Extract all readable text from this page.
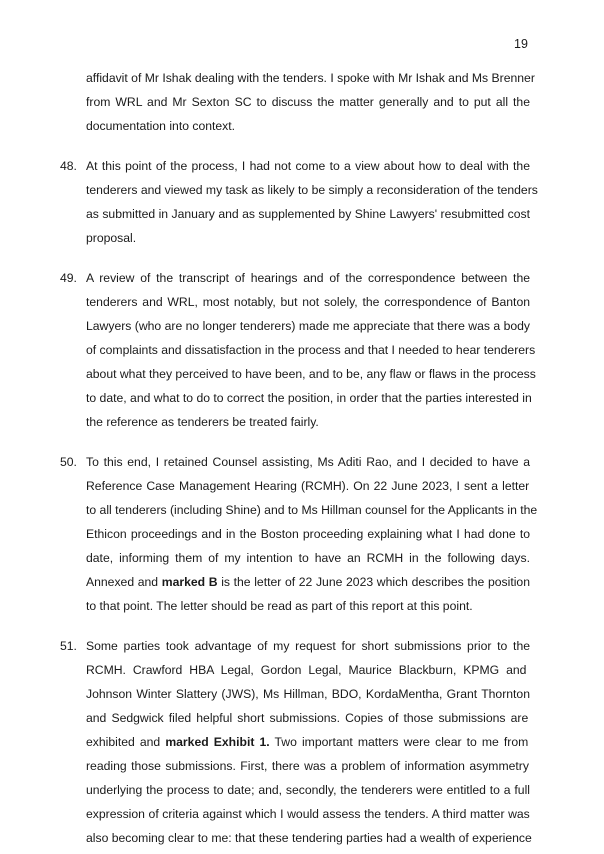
19
affidavit of Mr Ishak dealing with the tenders. I spoke with Mr Ishak and Ms Brenner
from WRL and Mr Sexton SC to discuss the matter generally and to put all the
documentation into context.
48. At this point of the process, I had not come to a view about how to deal with the
tenderers and viewed my task as likely to be simply a reconsideration of the tenders
as submitted in January and as supplemented by Shine Lawyers' resubmitted cost
proposal.
49. A review of the transcript of hearings and of the correspondence between the
tenderers and WRL, most notably, but not solely, the correspondence of Banton
Lawyers (who are no longer tenderers) made me appreciate that there was a body
of complaints and dissatisfaction in the process and that I needed to hear tenderers
about what they perceived to have been, and to be, any flaw or flaws in the process
to date, and what to do to correct the position, in order that the parties interested in
the reference as tenderers be treated fairly.
50. To this end, I retained Counsel assisting, Ms Aditi Rao, and I decided to have a
Reference Case Management Hearing (RCMH). On 22 June 2023, I sent a letter
to all tenderers (including Shine) and to Ms Hillman counsel for the Applicants in the
Ethicon proceedings and in the Boston proceeding explaining what I had done to
date, informing them of my intention to have an RCMH in the following days.
Annexed and marked B is the letter of 22 June 2023 which describes the position
to that point. The letter should be read as part of this report at this point.
51. Some parties took advantage of my request for short submissions prior to the
RCMH. Crawford HBA Legal, Gordon Legal, Maurice Blackburn, KPMG and
Johnson Winter Slattery (JWS), Ms Hillman, BDO, KordaMentha, Grant Thornton
and Sedgwick filed helpful short submissions. Copies of those submissions are
exhibited and marked Exhibit 1. Two important matters were clear to me from
reading those submissions. First, there was a problem of information asymmetry
underlying the process to date; and, secondly, the tenderers were entitled to a full
expression of criteria against which I would assess the tenders. A third matter was
also becoming clear to me: that these tendering parties had a wealth of experience
